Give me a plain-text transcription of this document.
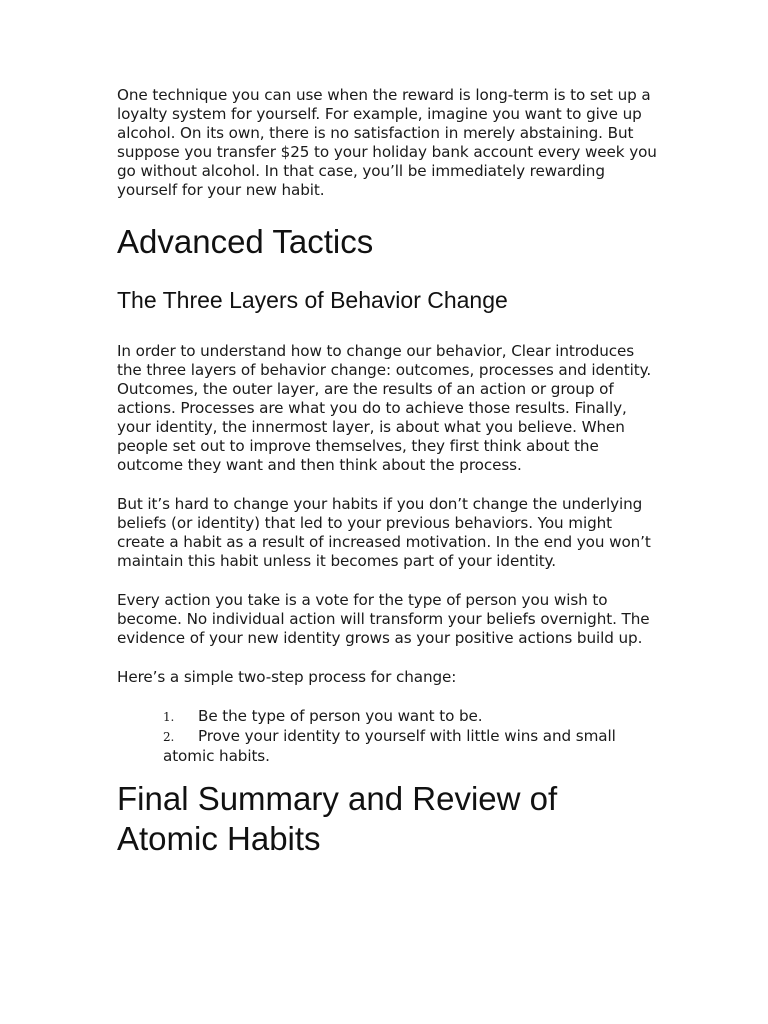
One technique you can use when the reward is long-term is to set up a loyalty system for yourself. For example, imagine you want to give up alcohol. On its own, there is no satisfaction in merely abstaining. But suppose you transfer $25 to your holiday bank account every week you go without alcohol. In that case, you’ll be immediately rewarding yourself for your new habit.

Advanced Tactics
The Three Layers of Behavior Change

In order to understand how to change our behavior, Clear introduces the three layers of behavior change: outcomes, processes and identity. Outcomes, the outer layer, are the results of an action or group of actions. Processes are what you do to achieve those results. Finally, your identity, the innermost layer, is about what you believe. When people set out to improve themselves, they first think about the outcome they want and then think about the process.

But it’s hard to change your habits if you don’t change the underlying beliefs (or identity) that led to your previous behaviors. You might create a habit as a result of increased motivation. In the end you won’t maintain this habit unless it becomes part of your identity.

Every action you take is a vote for the type of person you wish to become. No individual action will transform your beliefs overnight. The evidence of your new identity grows as your positive actions build up.

Here’s a simple two-step process for change:

1. Be the type of person you want to be.
2. Prove your identity to yourself with little wins and small atomic habits.
Final Summary and Review of Atomic Habits
